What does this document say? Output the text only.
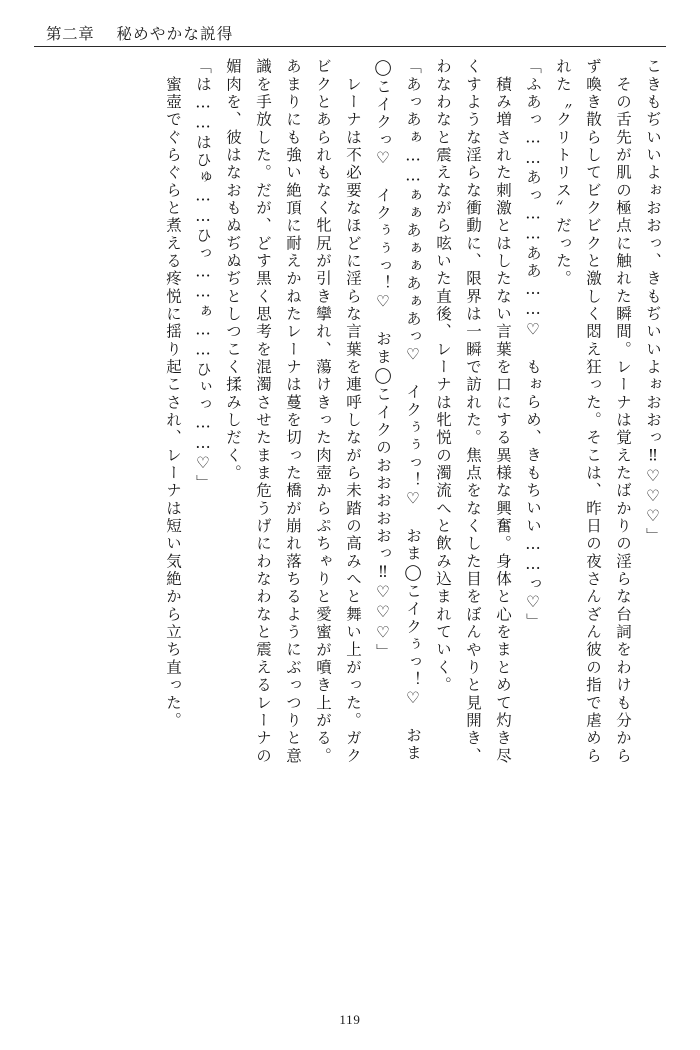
第二章 秘めやかな説得
こきもぢいいよぉおおっ、きもぢいいよぉおおっ‼︎♡♡♡」
　その舌先が肌の極点に触れた瞬間。レーナは覚えたばかりの淫らな台詞をわけも分から
ず喚き散らしてビクビクと激しく悶え狂った。そこは、昨日の夜さんざん彼の指で虐めら
れた〝クリトリス〟だった。
「ふあっ……あっ……ああ……♡　もぉらめ、きもちいい……っ♡」
　積み増された刺激とはしたない言葉を口にする異様な興奮。身体と心をまとめて灼き尽
くすような淫らな衝動に、限界は一瞬で訪れた。焦点をなくした目をぼんやりと見開き、
わなわなと震えながら呟いた直後、レーナは牝悦の濁流へと飲み込まれていく。
「あっあぁ……ぁぁあぁぁあぁあっ♡　イクぅぅっ！♡　おま◯こイクぅっ！♡　おま
◯こイクっ♡　イクぅぅっ！♡　おま◯こイクのおおおおおっ‼︎♡♡♡」
　レーナは不必要なほどに淫らな言葉を連呼しながら未踏の高みへと舞い上がった。ガク
ビクとあられもなく牝尻が引き攣れ、蕩けきった肉壺からぷちゃりと愛蜜が噴き上がる。
あまりにも強い絶頂に耐えかねたレーナは蔓を切った橋が崩れ落ちるようにぶっつりと意
識を手放した。だが、どす黒く思考を混濁させたまま危うげにわなわなと震えるレーナの
媚肉を、彼はなおもぬぢぬぢとしつこく揉みしだく。
「は……はひゅ……ひっ……ぁ……ひぃっ……♡」
　蜜壺でぐらぐらと煮える疼悦に揺り起こされ、レーナは短い気絶から立ち直った。
119
